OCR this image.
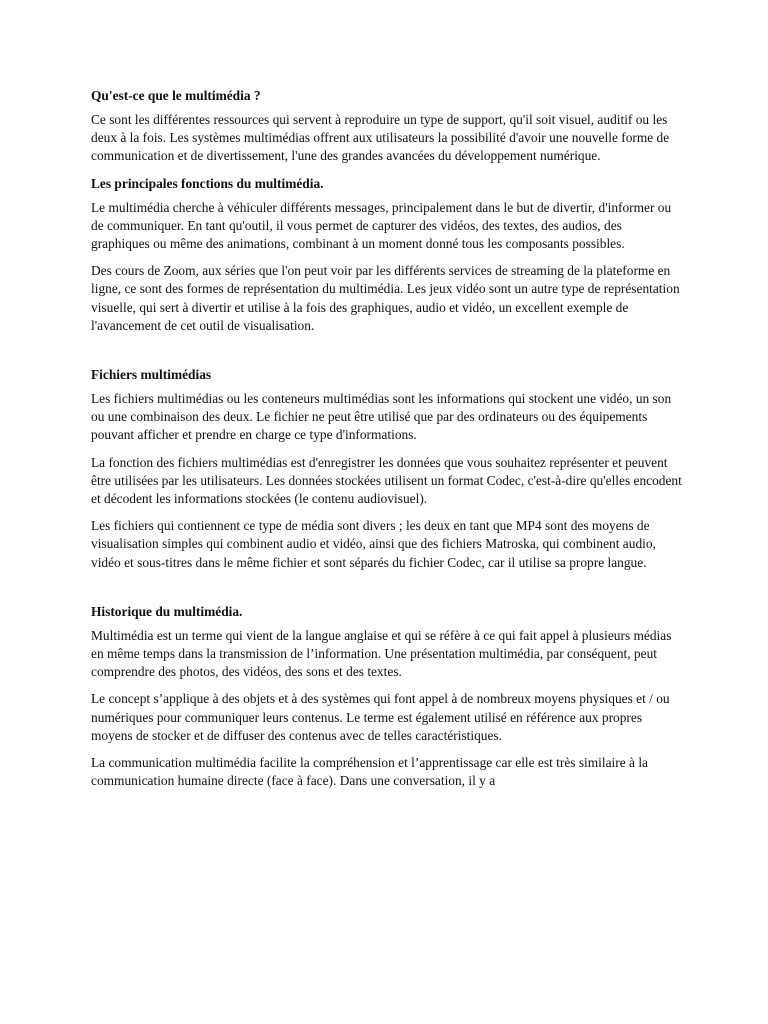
Qu'est-ce que le multimédia ?

Ce sont les différentes ressources qui servent à reproduire un type de support, qu'il soit visuel, auditif ou les deux à la fois. Les systèmes multimédias offrent aux utilisateurs la possibilité d'avoir une nouvelle forme de communication et de divertissement, l'une des grandes avancées du développement numérique.

Les principales fonctions du multimédia.

Le multimédia cherche à véhiculer différents messages, principalement dans le but de divertir, d'informer ou de communiquer. En tant qu'outil, il vous permet de capturer des vidéos, des textes, des audios, des graphiques ou même des animations, combinant à un moment donné tous les composants possibles.

Des cours de Zoom, aux séries que l'on peut voir par les différents services de streaming de la plateforme en ligne, ce sont des formes de représentation du multimédia. Les jeux vidéo sont un autre type de représentation visuelle, qui sert à divertir et utilise à la fois des graphiques, audio et vidéo, un excellent exemple de l'avancement de cet outil de visualisation.

Fichiers multimédias

Les fichiers multimédias ou les conteneurs multimédias sont les informations qui stockent une vidéo, un son ou une combinaison des deux. Le fichier ne peut être utilisé que par des ordinateurs ou des équipements pouvant afficher et prendre en charge ce type d'informations.

La fonction des fichiers multimédias est d'enregistrer les données que vous souhaitez représenter et peuvent être utilisées par les utilisateurs. Les données stockées utilisent un format Codec, c'est-à-dire qu'elles encodent et décodent les informations stockées (le contenu audiovisuel).

Les fichiers qui contiennent ce type de média sont divers ; les deux en tant que MP4 sont des moyens de visualisation simples qui combinent audio et vidéo, ainsi que des fichiers Matroska, qui combinent audio, vidéo et sous-titres dans le même fichier et sont séparés du fichier Codec, car il utilise sa propre langue.

Historique du multimédia.

Multimédia est un terme qui vient de la langue anglaise et qui se réfère à ce qui fait appel à plusieurs médias en même temps dans la transmission de l’information. Une présentation multimédia, par conséquent, peut comprendre des photos, des vidéos, des sons et des textes.

Le concept s’applique à des objets et à des systèmes qui font appel à de nombreux moyens physiques et / ou numériques pour communiquer leurs contenus. Le terme est également utilisé en référence aux propres moyens de stocker et de diffuser des contenus avec de telles caractéristiques.

La communication multimédia facilite la compréhension et l’apprentissage car elle est très similaire à la communication humaine directe (face à face). Dans une conversation, il y a
